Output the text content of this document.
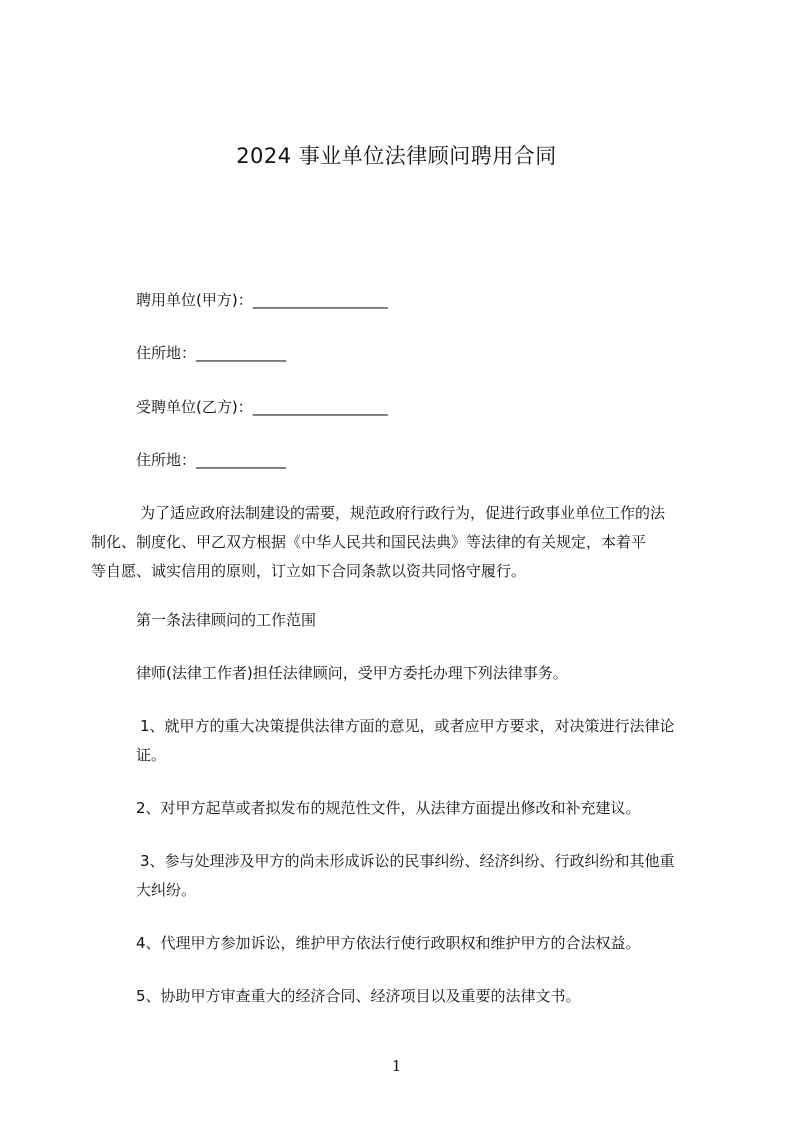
2024 事业单位法律顾问聘用合同
聘用单位(甲方)：__________________
住所地：____________
受聘单位(乙方)：__________________
住所地：____________
为了适应政府法制建设的需要，规范政府行政行为，促进行政事业单位工作的法
制化、制度化、甲乙双方根据《中华人民共和国民法典》等法律的有关规定，本着平
等自愿、诚实信用的原则，订立如下合同条款以资共同恪守履行。
第一条法律顾问的工作范围
律师(法律工作者)担任法律顾问，受甲方委托办理下列法律事务。
1、就甲方的重大决策提供法律方面的意见，或者应甲方要求，对决策进行法律论
证。
2、对甲方起草或者拟发布的规范性文件，从法律方面提出修改和补充建议。
3、参与处理涉及甲方的尚未形成诉讼的民事纠纷、经济纠纷、行政纠纷和其他重
大纠纷。
4、代理甲方参加诉讼，维护甲方依法行使行政职权和维护甲方的合法权益。
5、协助甲方审查重大的经济合同、经济项目以及重要的法律文书。
1
